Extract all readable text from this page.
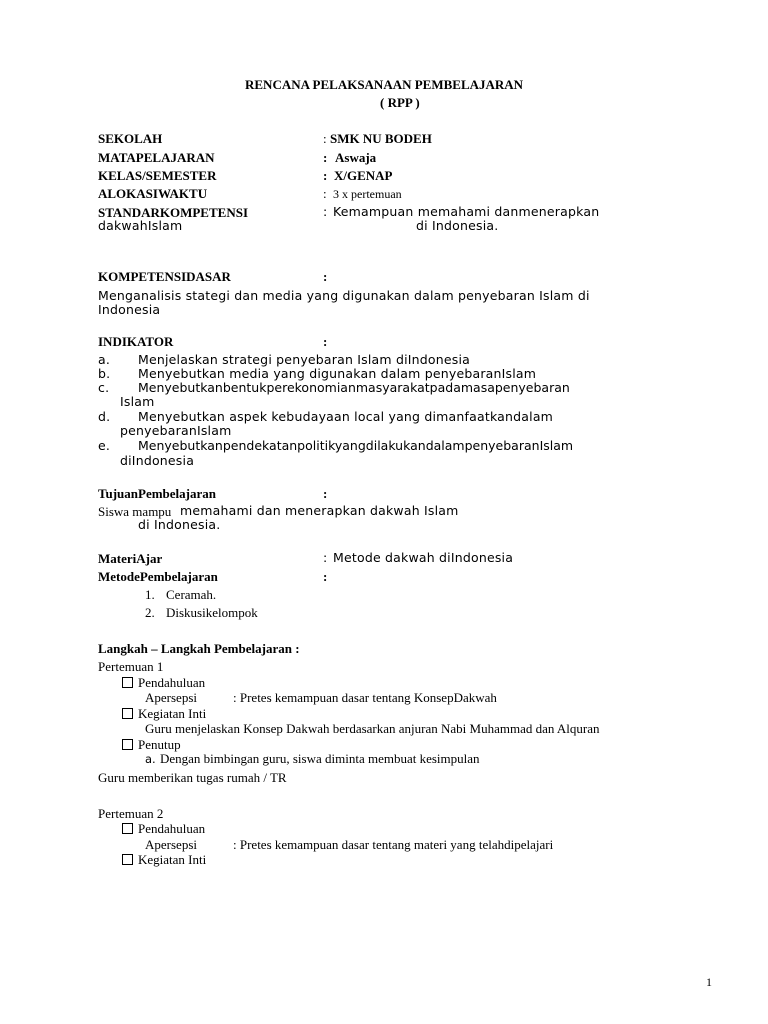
RENCANA PELAKSANAAN PEMBELAJARAN
( RPP )
SEKOLAH	: SMK NU BODEH
MATAPELAJARAN	: Aswaja
KELAS/SEMESTER	: X/GENAP
ALOKASIWAKTU	: 3 x pertemuan
STANDARKOMPETENSI	: Kemampuan memahami danmenerapkan
dakwahIslam	di Indonesia.
KOMPETENSIDASAR	:
Menganalisis stategi dan media yang digunakan dalam penyebaran Islam di
Indonesia
INDIKATOR	:
a. Menjelaskan strategi penyebaran Islam diIndonesia
b. Menyebutkan media yang digunakan dalam penyebaranIslam
c. Menyebutkanbentukperekonomianmasyarakatpadamasapenyebaran
Islam
d. Menyebutkan aspek kebudayaan local yang dimanfaatkandalam
penyebaranIslam
e. MenyebutkanpendekatanpolitikyangdilakukandalampenyebaranIslam
diIndonesia
TujuanPembelajaran	:
Siswa mampu memahami dan menerapkan dakwah Islam
di Indonesia.
MateriAjar	: Metode dakwah diIndonesia
MetodePembelajaran	:
1. Ceramah.
2. Diskusikelompok
Langkah – Langkah Pembelajaran :
Pertemuan 1
Pendahuluan
Apersepsi	: Pretes kemampuan dasar tentang KonsepDakwah
Kegiatan Inti
Guru menjelaskan Konsep Dakwah berdasarkan anjuran Nabi Muhammad dan Alquran
Penutup
a. Dengan bimbingan guru, siswa diminta membuat kesimpulan
Guru memberikan tugas rumah / TR
Pertemuan 2
Pendahuluan
Apersepsi	: Pretes kemampuan dasar tentang materi yang telahdipelajari
Kegiatan Inti
1
